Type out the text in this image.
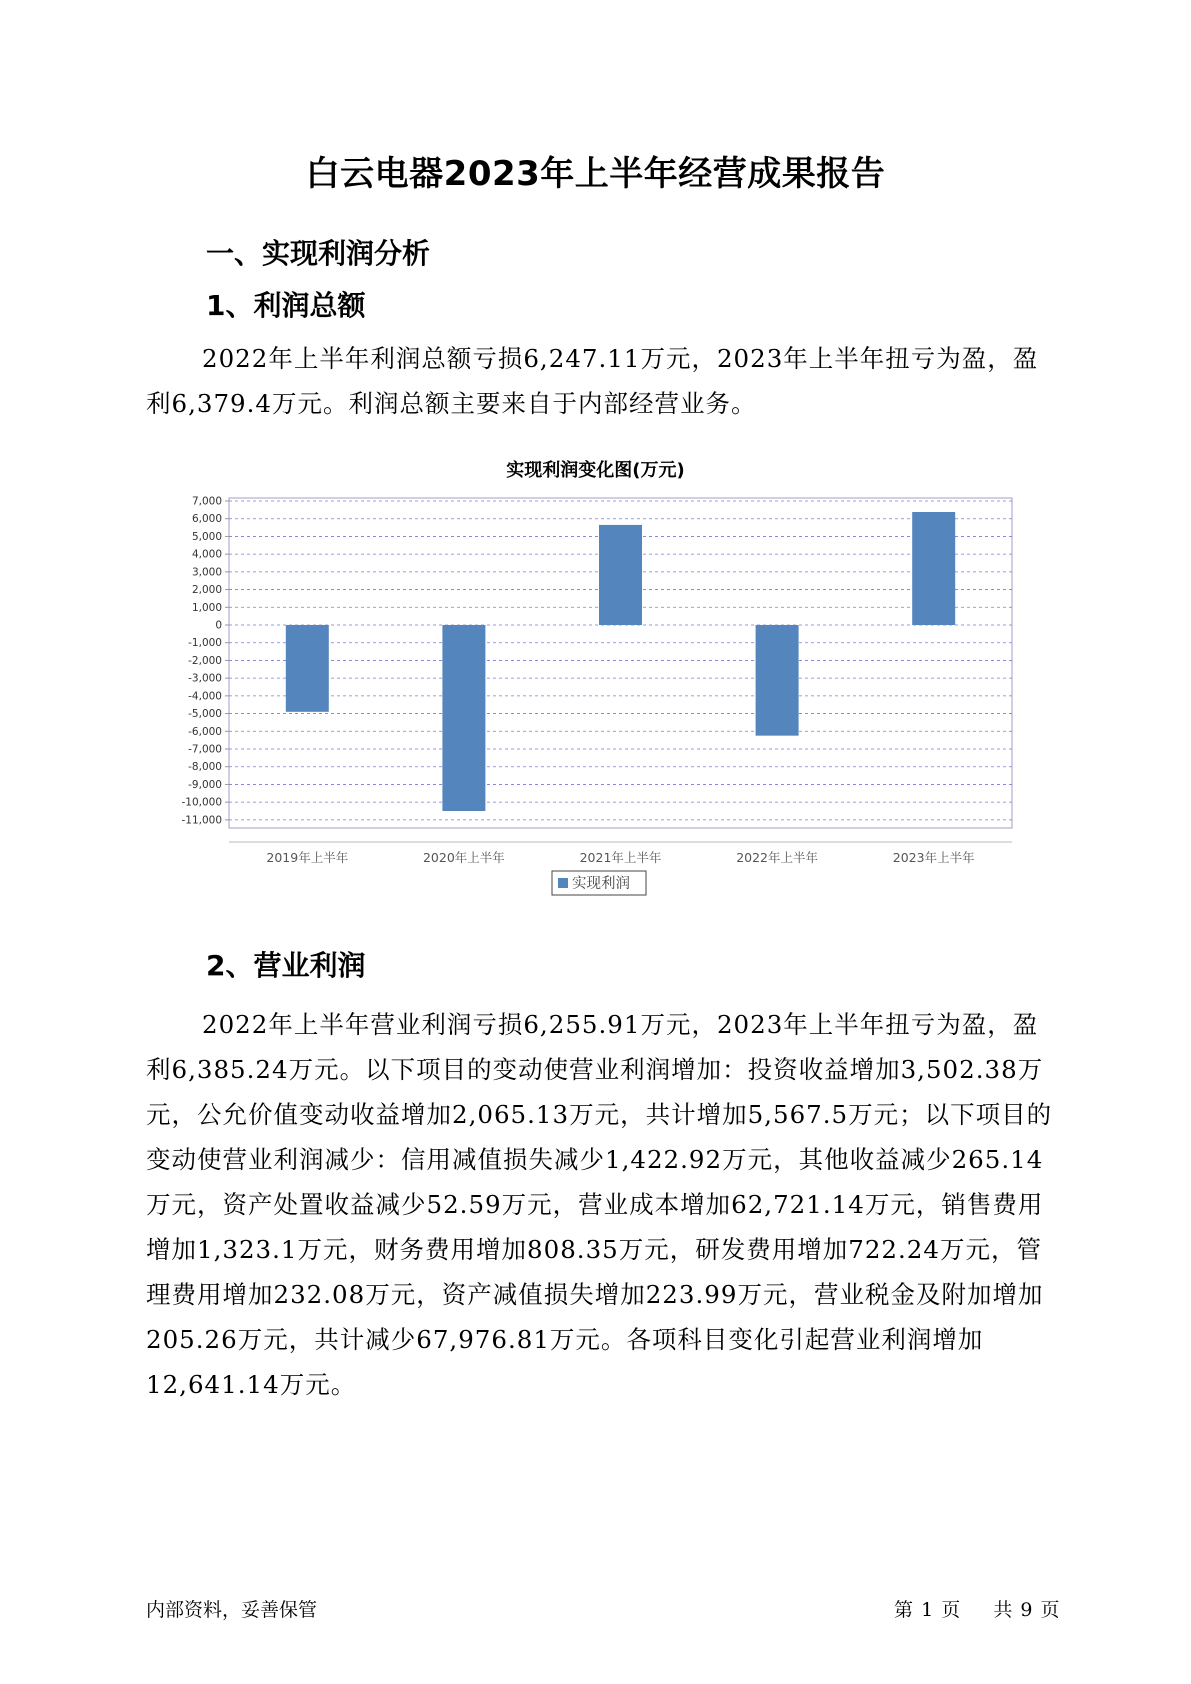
白云电器2023年上半年经营成果报告
一、实现利润分析
1、利润总额

2022年上半年利润总额亏损6,247.11万元，2023年上半年扭亏为盈，盈利6,379.4万元。利润总额主要来自于内部经营业务。

实现利润变化图(万元)
7,000
6,000
5,000
4,000
3,000
2,000
1,000
0
-1,000
-2,000
-3,000
-4,000
-5,000
-6,000
-7,000
-8,000
-9,000
-10,000
-11,000
2019年上半年	2020年上半年	2021年上半年	2022年上半年	2023年上半年
实现利润
2、营业利润

2022年上半年营业利润亏损6,255.91万元，2023年上半年扭亏为盈，盈利6,385.24万元。以下项目的变动使营业利润增加：投资收益增加3,502.38万元，公允价值变动收益增加2,065.13万元，共计增加5,567.5万元；以下项目的变动使营业利润减少：信用减值损失减少1,422.92万元，其他收益减少265.14万元，资产处置收益减少52.59万元，营业成本增加62,721.14万元，销售费用增加1,323.1万元，财务费用增加808.35万元，研发费用增加722.24万元，管理费用增加232.08万元，资产减值损失增加223.99万元，营业税金及附加增加205.26万元，共计减少67,976.81万元。各项科目变化引起营业利润增加12,641.14万元。

内部资料，妥善保管	第 1 页 共 9 页
